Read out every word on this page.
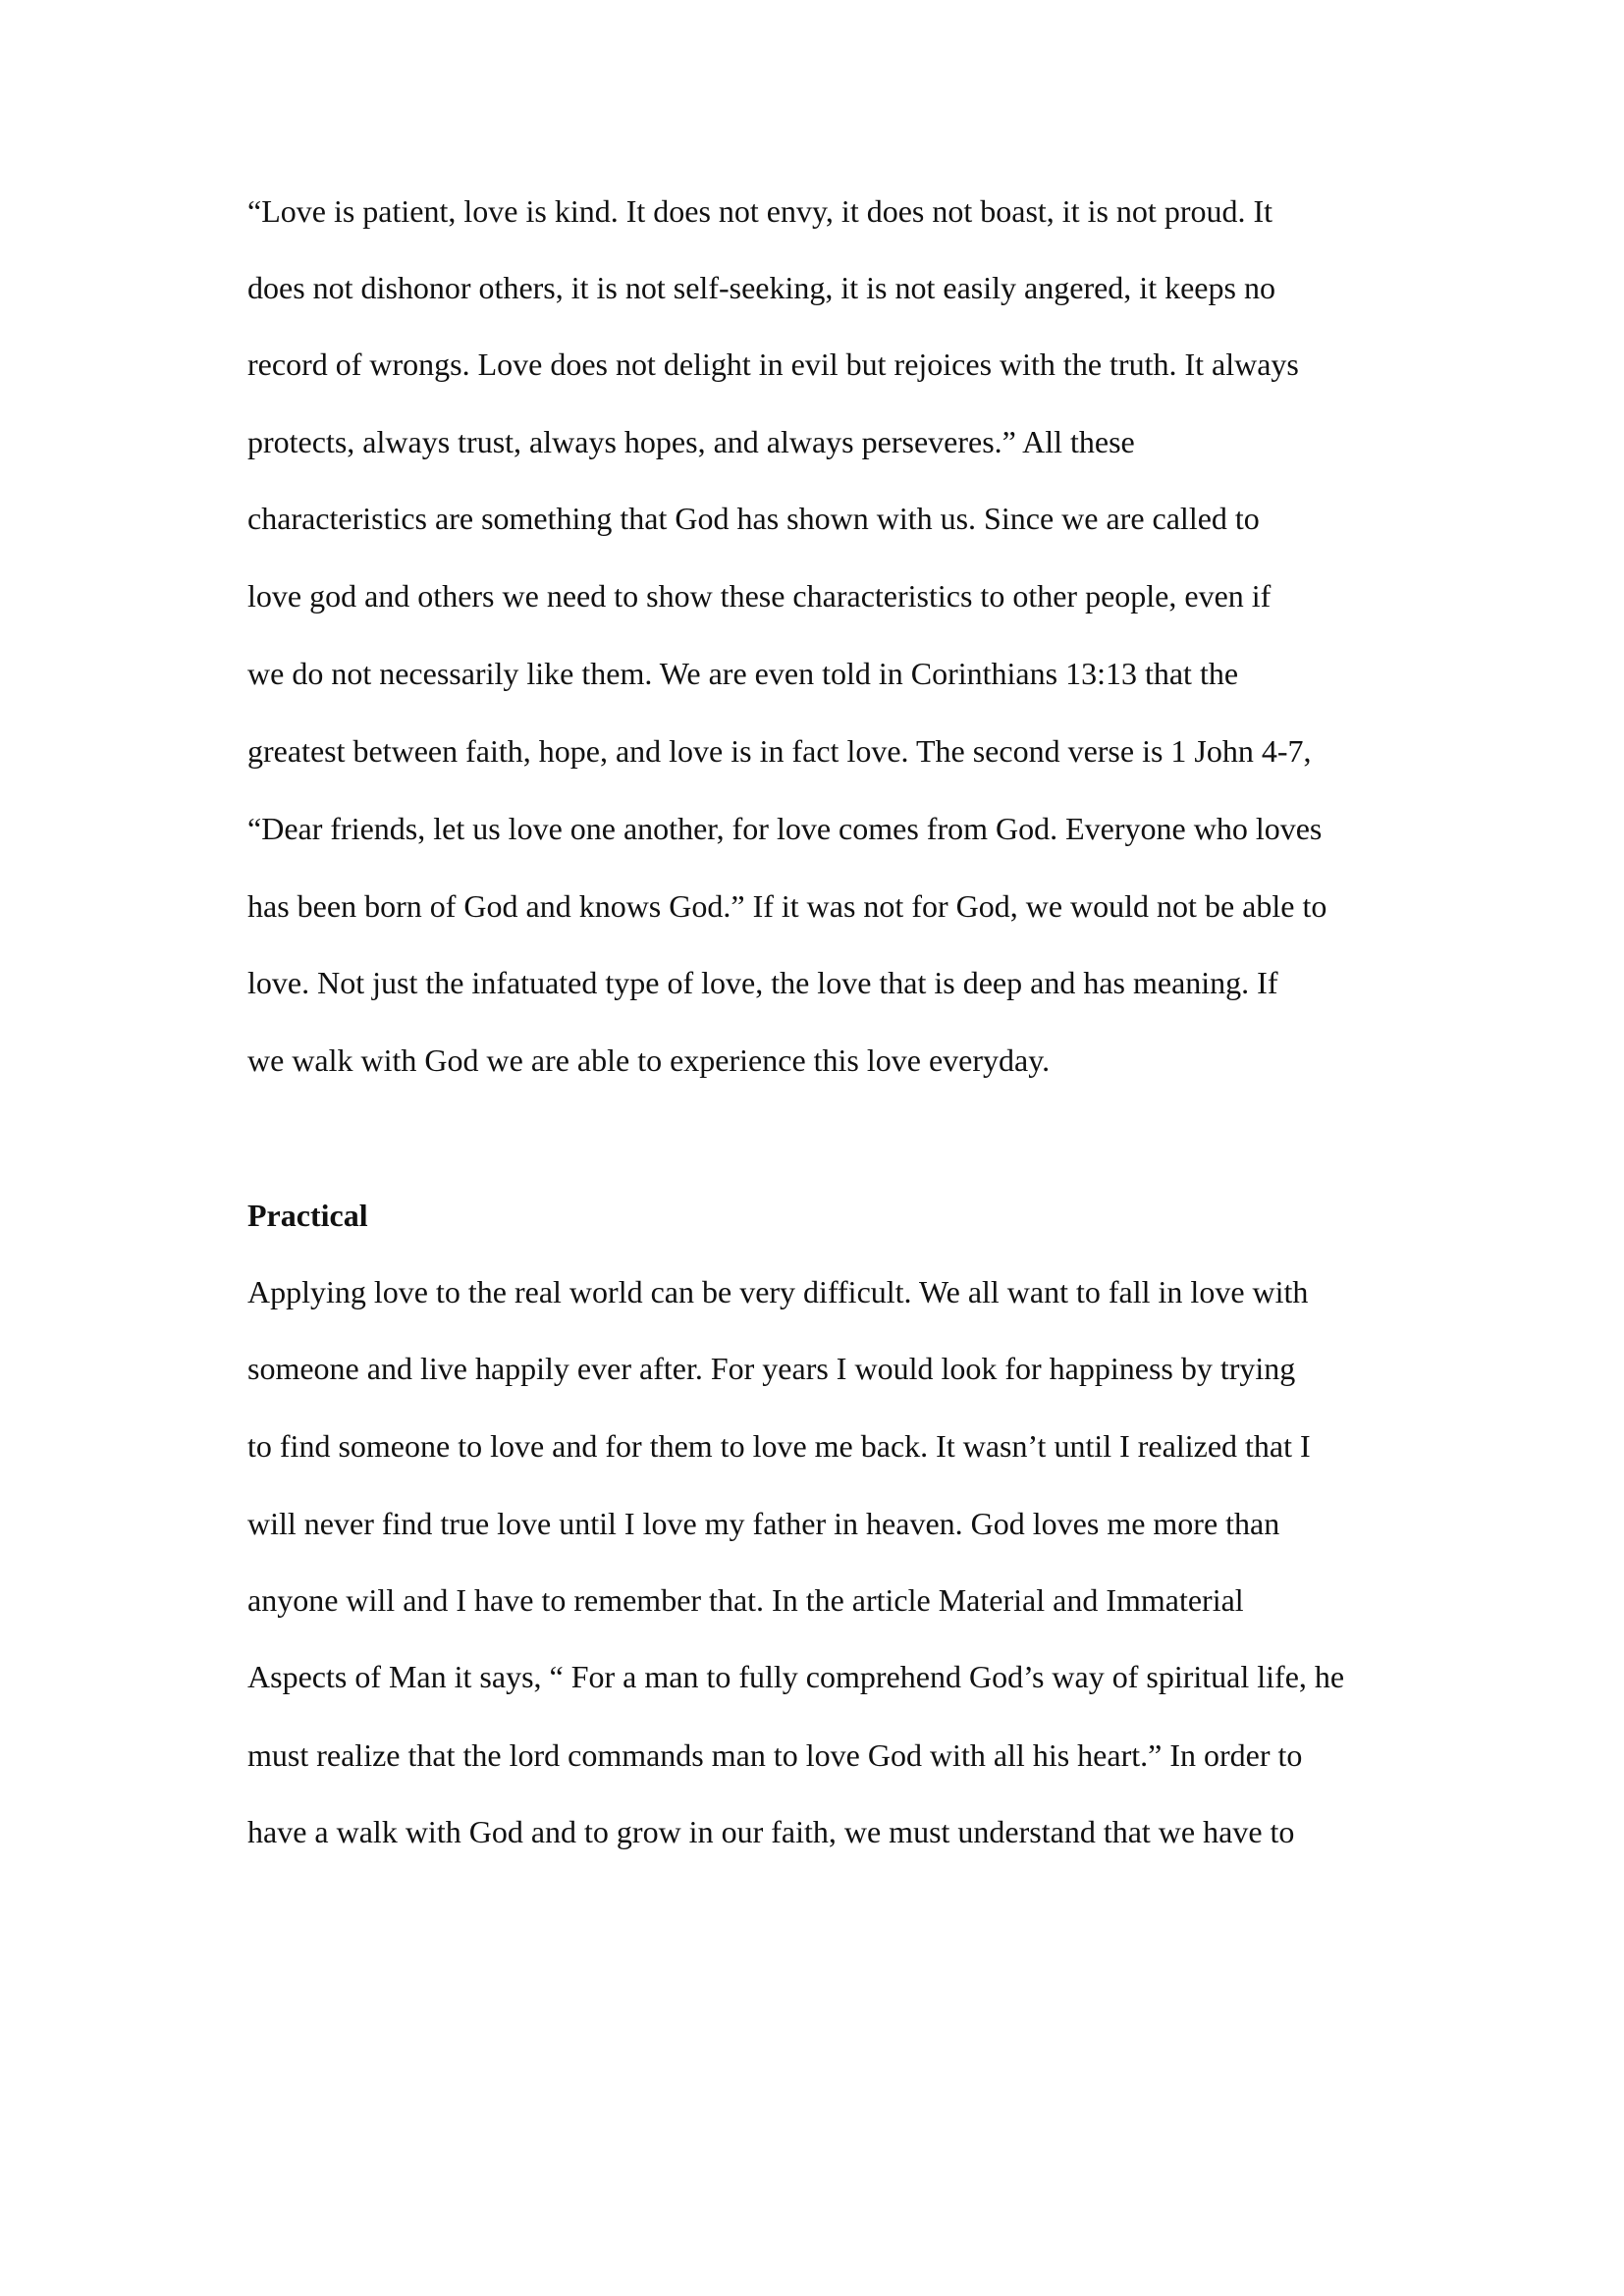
“Love is patient, love is kind. It does not envy, it does not boast, it is not proud. It
does not dishonor others, it is not self-seeking, it is not easily angered, it keeps no
record of wrongs. Love does not delight in evil but rejoices with the truth. It always
protects, always trust, always hopes, and always perseveres.” All these
characteristics are something that God has shown with us. Since we are called to
love god and others we need to show these characteristics to other people, even if
we do not necessarily like them. We are even told in Corinthians 13:13 that the
greatest between faith, hope, and love is in fact love. The second verse is 1 John 4-7,
“Dear friends, let us love one another, for love comes from God. Everyone who loves
has been born of God and knows God.” If it was not for God, we would not be able to
love. Not just the infatuated type of love, the love that is deep and has meaning. If
we walk with God we are able to experience this love everyday.
Practical
Applying love to the real world can be very difficult. We all want to fall in love with
someone and live happily ever after. For years I would look for happiness by trying
to find someone to love and for them to love me back. It wasn’t until I realized that I
will never find true love until I love my father in heaven. God loves me more than
anyone will and I have to remember that. In the article Material and Immaterial
Aspects of Man it says, “ For a man to fully comprehend God’s way of spiritual life, he
must realize that the lord commands man to love God with all his heart.” In order to
have a walk with God and to grow in our faith, we must understand that we have to
